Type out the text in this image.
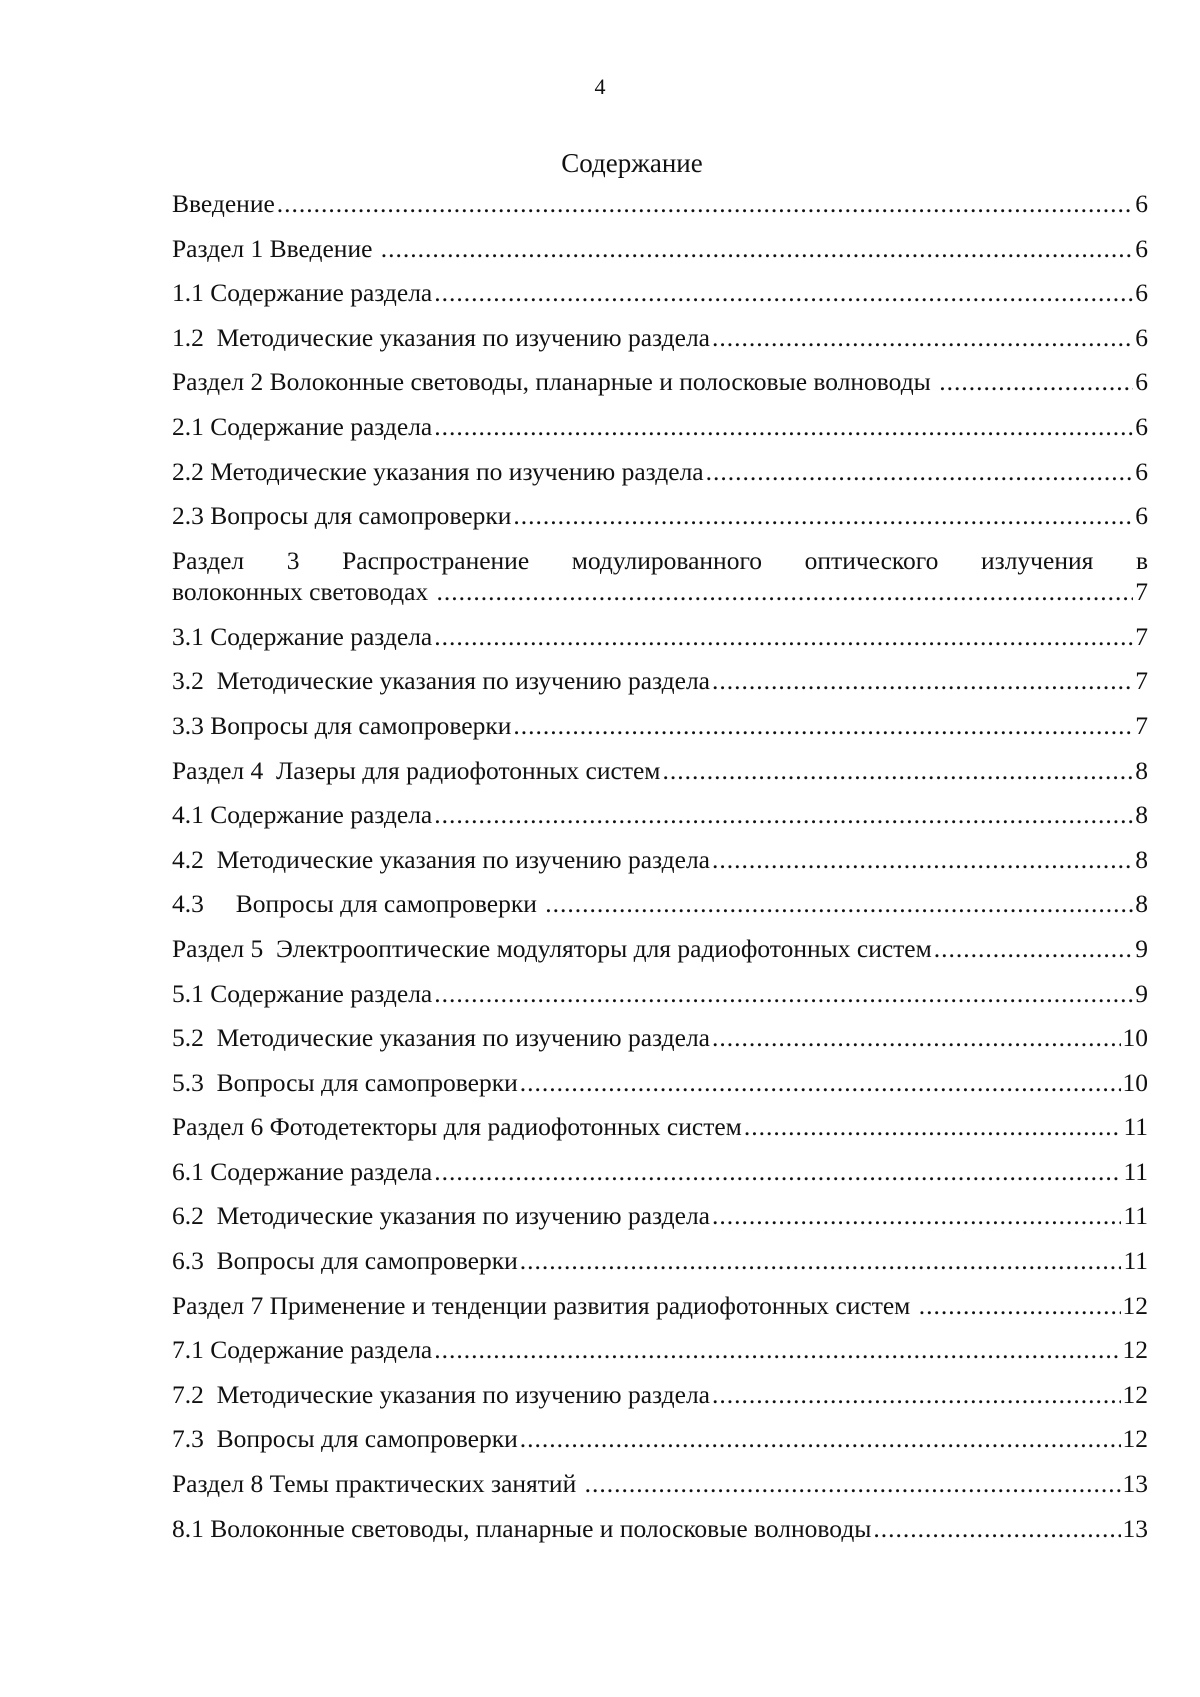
4
Содержание
Введение .....	6
Раздел 1 Введение .....	6
1.1 Содержание раздела .....	6
1.2  Методические указания по изучению раздела .....	6
Раздел 2 Волоконные световоды, планарные и полосковые волноводы .....	6
2.1 Содержание раздела .....	6
2.2 Методические указания по изучению раздела .....	6
2.3 Вопросы для самопроверки .....	6
Раздел 3 Распространение модулированного оптического излучения в
волоконных световодах .....	7
3.1 Содержание раздела .....	7
3.2  Методические указания по изучению раздела .....	7
3.3 Вопросы для самопроверки .....	7
Раздел 4  Лазеры для радиофотонных систем .....	8
4.1 Содержание раздела .....	8
4.2  Методические указания по изучению раздела .....	8
4.3     Вопросы для самопроверки .....	8
Раздел 5  Электрооптические модуляторы для радиофотонных систем .....	9
5.1 Содержание раздела .....	9
5.2  Методические указания по изучению раздела .....	10
5.3  Вопросы для самопроверки .....	10
Раздел 6 Фотодетекторы для радиофотонных систем .....	11
6.1 Содержание раздела .....	11
6.2  Методические указания по изучению раздела .....	11
6.3  Вопросы для самопроверки .....	11
Раздел 7 Применение и тенденции развития радиофотонных систем .....	12
7.1 Содержание раздела .....	12
7.2  Методические указания по изучению раздела .....	12
7.3  Вопросы для самопроверки .....	12
Раздел 8 Темы практических занятий .....	13
8.1 Волоконные световоды, планарные и полосковые волноводы .....	13
